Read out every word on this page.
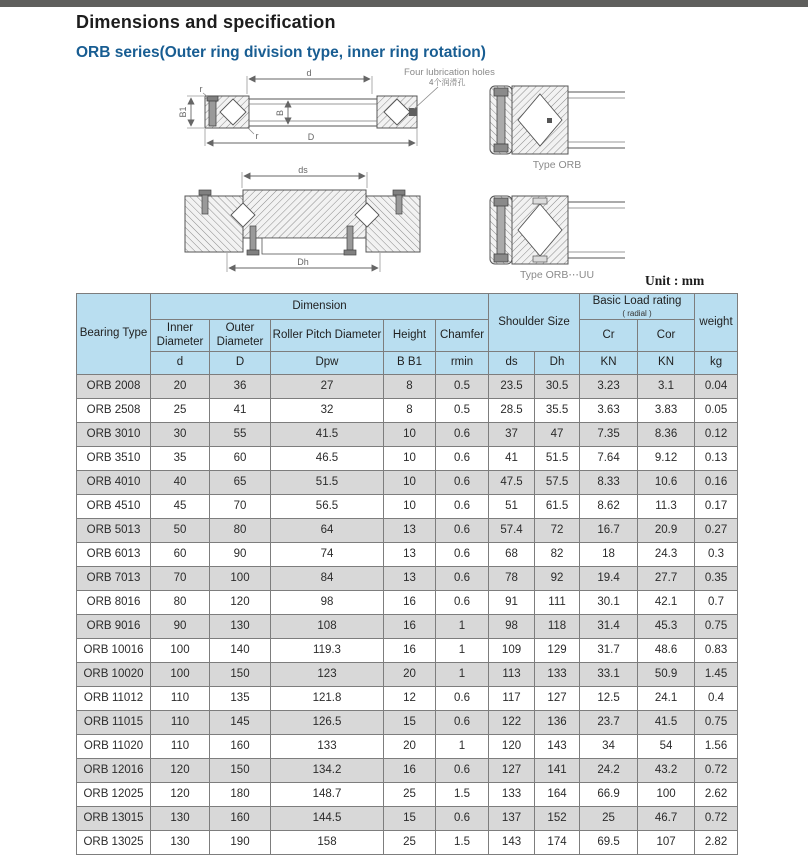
Dimensions and specification
ORB series(Outer ring division type, inner ring rotation)
d
B1	B
D
r
r
Four lubrication holes
4个润滑孔
ds
Dh
Type ORB
Type ORB⋯UU	Unit : mm
Bearing Type	Dimension					Shoulder Size		Basic Load rating
( radial )		weight
	Inner Diameter	Outer Diameter	Roller Pitch Diameter	Height	Chamfer			Cr	Cor	
	d	D	Dpw	B B1	rmin	ds	Dh	KN	KN	kg
ORB 2008	20	36	27	8	0.5	23.5	30.5	3.23	3.1	0.04
ORB 2508	25	41	32	8	0.5	28.5	35.5	3.63	3.83	0.05
ORB 3010	30	55	41.5	10	0.6	37	47	7.35	8.36	0.12
ORB 3510	35	60	46.5	10	0.6	41	51.5	7.64	9.12	0.13
ORB 4010	40	65	51.5	10	0.6	47.5	57.5	8.33	10.6	0.16
ORB 4510	45	70	56.5	10	0.6	51	61.5	8.62	11.3	0.17
ORB 5013	50	80	64	13	0.6	57.4	72	16.7	20.9	0.27
ORB 6013	60	90	74	13	0.6	68	82	18	24.3	0.3
ORB 7013	70	100	84	13	0.6	78	92	19.4	27.7	0.35
ORB 8016	80	120	98	16	0.6	91	111	30.1	42.1	0.7
ORB 9016	90	130	108	16	1	98	118	31.4	45.3	0.75
ORB 10016	100	140	119.3	16	1	109	129	31.7	48.6	0.83
ORB 10020	100	150	123	20	1	113	133	33.1	50.9	1.45
ORB 11012	110	135	121.8	12	0.6	117	127	12.5	24.1	0.4
ORB 11015	110	145	126.5	15	0.6	122	136	23.7	41.5	0.75
ORB 11020	110	160	133	20	1	120	143	34	54	1.56
ORB 12016	120	150	134.2	16	0.6	127	141	24.2	43.2	0.72
ORB 12025	120	180	148.7	25	1.5	133	164	66.9	100	2.62
ORB 13015	130	160	144.5	15	0.6	137	152	25	46.7	0.72
ORB 13025	130	190	158	25	1.5	143	174	69.5	107	2.82
